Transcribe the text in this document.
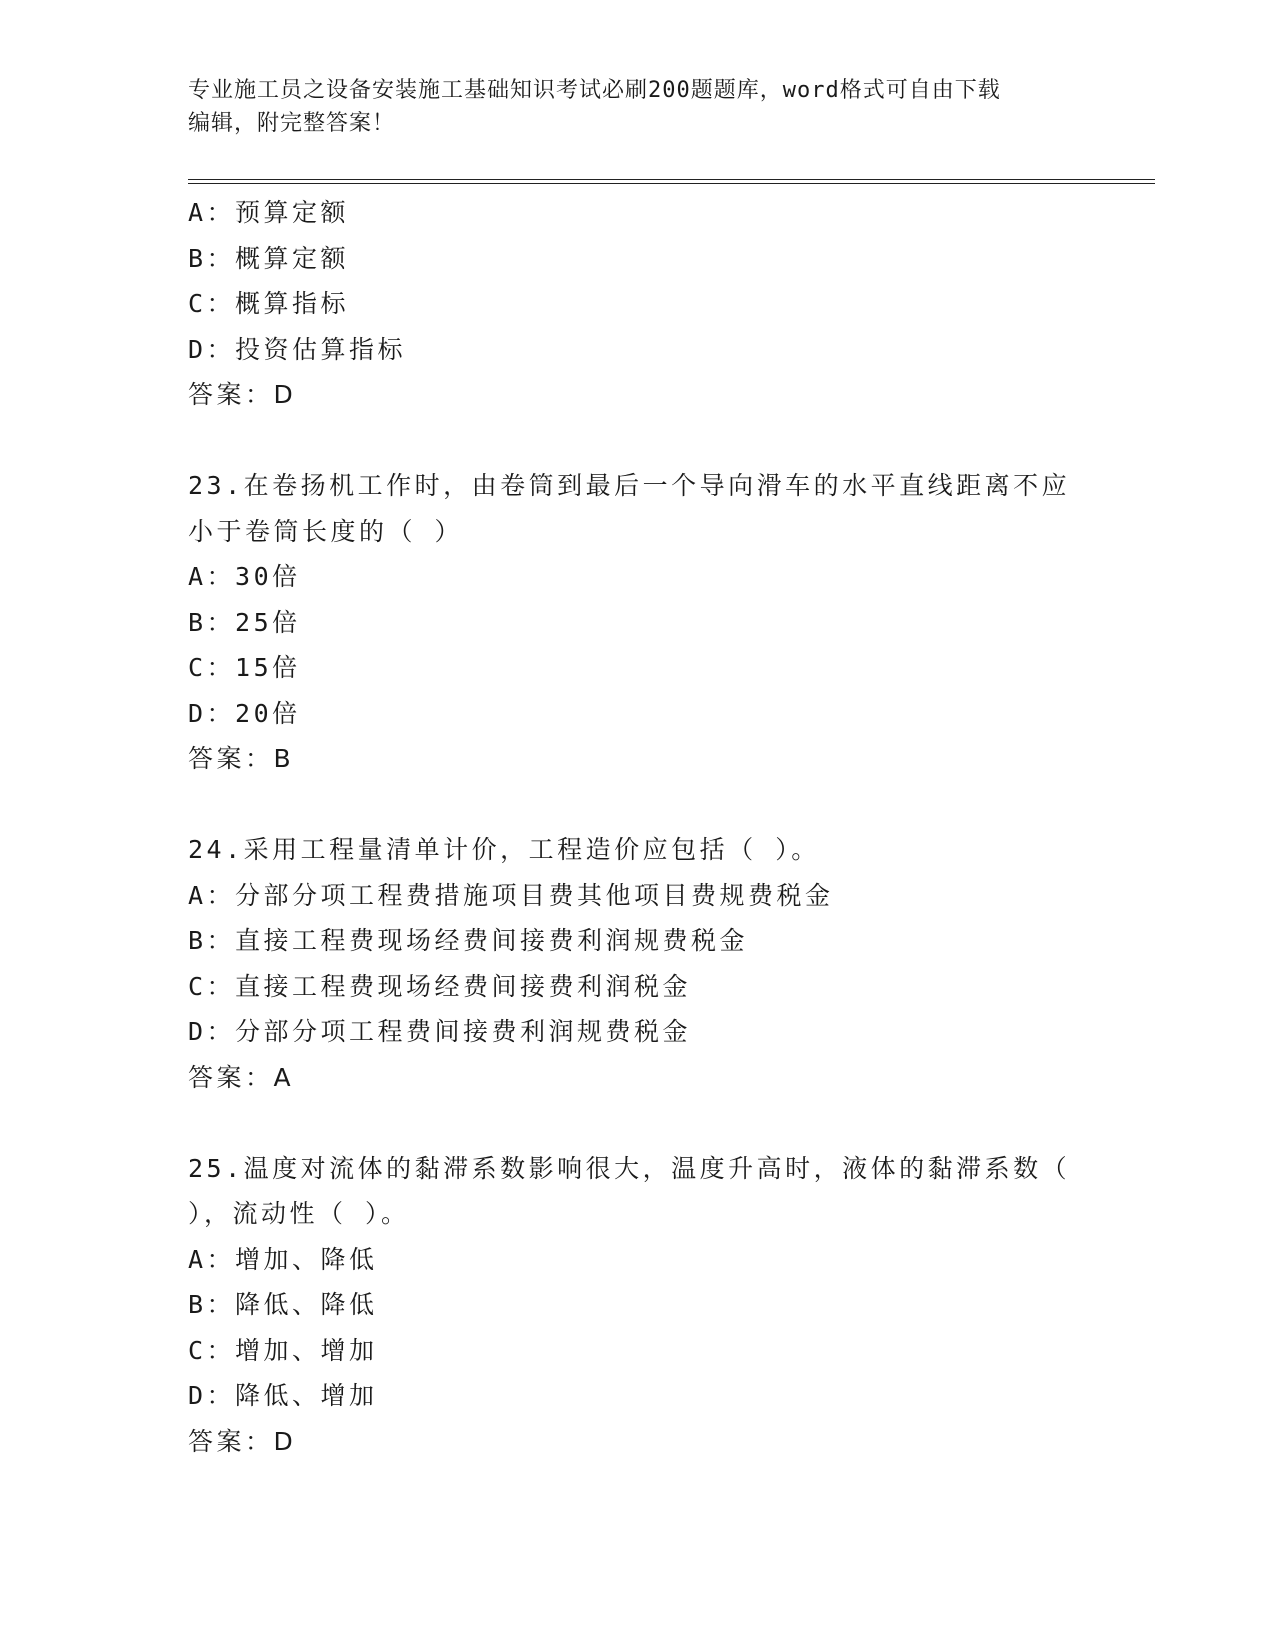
专业施工员之设备安装施工基础知识考试必刷200题题库，word格式可自由下载
编辑，附完整答案！
A：预算定额
B：概算定额
C：概算指标
D：投资估算指标
答案：D
23.在卷扬机工作时，由卷筒到最后一个导向滑车的水平直线距离不应
小于卷筒长度的（ ）
A：30倍
B：25倍
C：15倍
D：20倍
答案：B
24.采用工程量清单计价，工程造价应包括（ ）。
A：分部分项工程费措施项目费其他项目费规费税金
B：直接工程费现场经费间接费利润规费税金
C：直接工程费现场经费间接费利润税金
D：分部分项工程费间接费利润规费税金
答案：A
25.温度对流体的黏滞系数影响很大，温度升高时，液体的黏滞系数（
），流动性（ ）。
A：增加、降低
B：降低、降低
C：增加、增加
D：降低、增加
答案：D
